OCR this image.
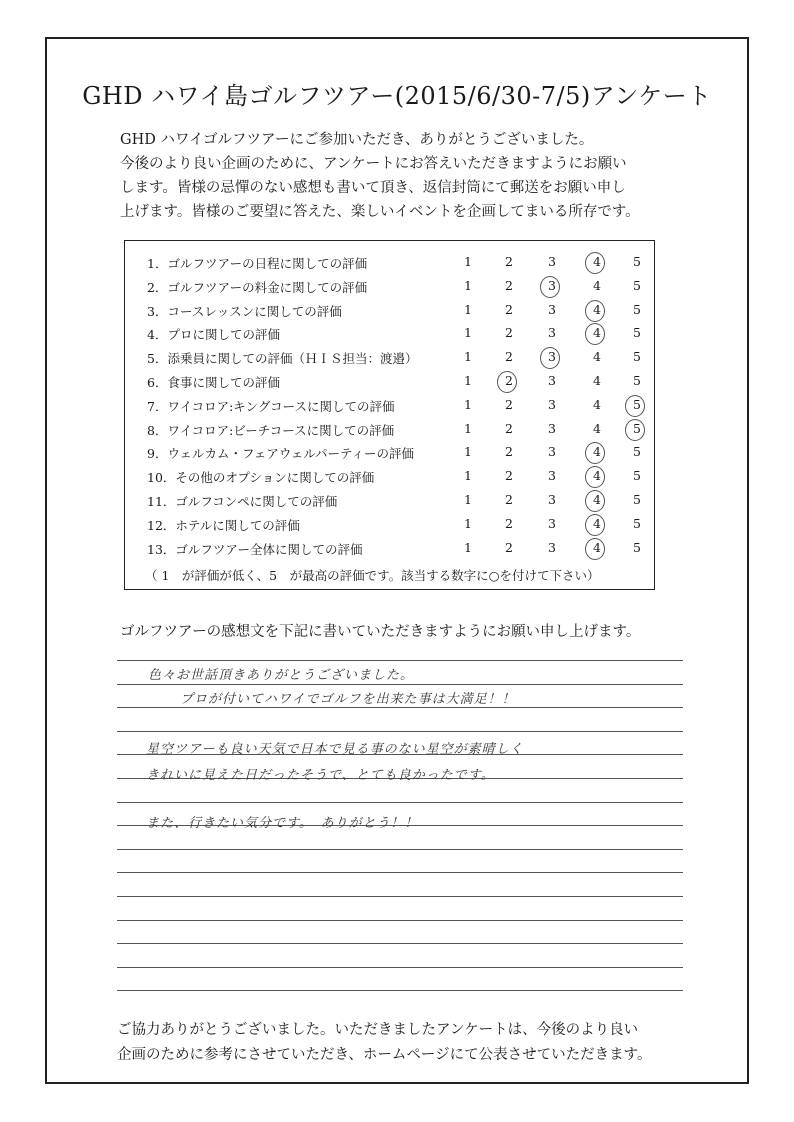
GHD ハワイ島ゴルフツアー(2015/6/30-7/5)アンケート
GHD ハワイゴルフツアーにご参加いただき、ありがとうございました。
今後のより良い企画のために、アンケートにお答えいただきますようにお願い
します。皆様の忌憚のない感想も書いて頂き、返信封筒にて郵送をお願い申し
上げます。皆様のご要望に答えた、楽しいイベントを企画してまいる所存です。
（ 1　が評価が低く、5　が最高の評価です。該当する数字に○を付けて下さい）
1．ゴルフツアーの日程に関しての評価	1	2	3	4	5
2．ゴルフツアーの料金に関しての評価	1	2	3	4	5
3．コースレッスンに関しての評価	1	2	3	4	5
4．プロに関しての評価	1	2	3	4	5
5．添乗員に関しての評価（ＨＩＳ担当：渡邉）	1	2	3	4	5
6．食事に関しての評価	1	2	3	4	5
7．ワイコロア:キングコースに関しての評価	1	2	3	4	5
8．ワイコロア:ビーチコースに関しての評価	1	2	3	4	5
9．ウェルカム・フェアウェルパーティーの評価	1	2	3	4	5
10．その他のオプションに関しての評価	1	2	3	4	5
11．ゴルフコンペに関しての評価	1	2	3	4	5
12．ホテルに関しての評価	1	2	3	4	5
13．ゴルフツアー全体に関しての評価	1	2	3	4	5
ゴルフツアーの感想文を下記に書いていただきますようにお願い申し上げます。
色々お世話頂きありがとうございました。
プロが付いてハワイでゴルフを出来た事は大満足！！
星空ツアーも良い天気で日本で見る事のない星空が素晴しく
きれいに見えた日だったそうで、とても良かったです。
また、行きたい気分です。　ありがとう！！
ご協力ありがとうございました。いただきましたアンケートは、今後のより良い
企画のために参考にさせていただき、ホームページにて公表させていただきます。
